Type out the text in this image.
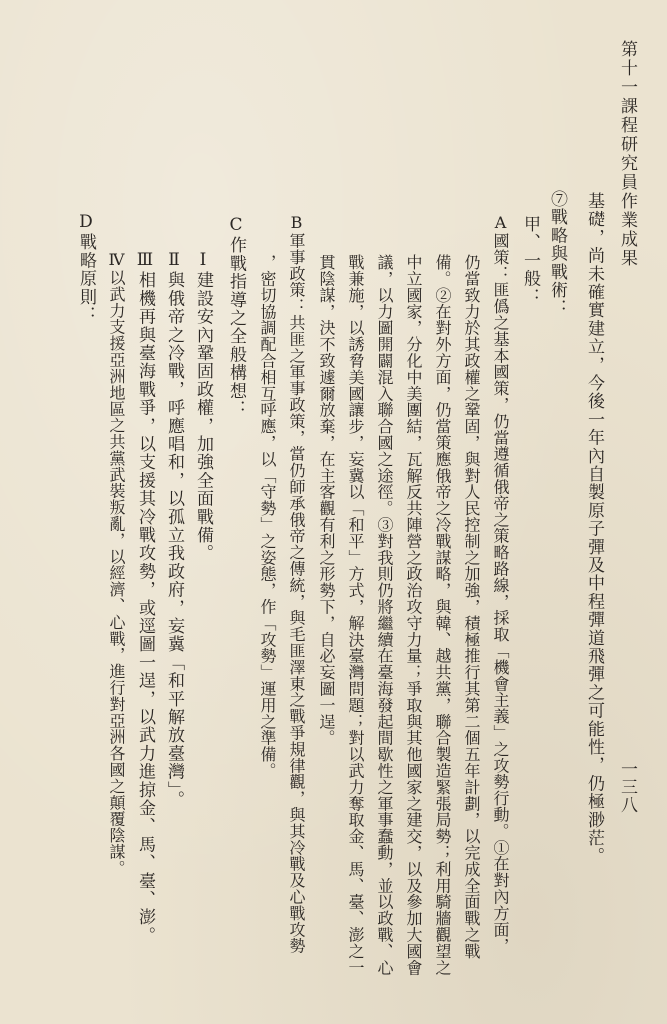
第十一課程研究員作業成果

一三八

基礎，尚未確實建立，今後一年內自製原子彈及中程彈道飛彈之可能性，仍極渺茫。

⑦戰略與戰術：

甲、一般：

A國策：匪僞之基本國策，仍當遵循俄帝之策略路線，採取「機會主義」之攻勢行動。①在對內方面，

仍當致力於其政權之鞏固，與對人民控制之加強，積極推行其第二個五年計劃，以完成全面戰之戰

備。②在對外方面，仍當策應俄帝之冷戰謀略，與韓、越共黨，聯合製造緊張局勢；利用騎牆觀望之

中立國家，分化中美團結，瓦解反共陣營之政治攻守力量；爭取與其他國家之建交，以及參加大國會

議，以力圖開闢混入聯合國之途徑。③對我則仍將繼續在臺海發起間歇性之軍事蠢動，並以政戰、心

戰兼施，以誘脅美國讓步，妄冀以「和平」方式，解決臺灣問題；對以武力奪取金、馬、臺、澎之一

貫陰謀，決不致遽爾放棄，在主客觀有利之形勢下，自必妄圖一逞。

B軍事政策：共匪之軍事政策，當仍師承俄帝之傳統，與毛匪澤東之戰爭規律觀，與其冷戰及心戰攻勢

，密切協調配合相互呼應，以「守勢」之姿態，作「攻勢」運用之準備。

C作戰指導之全般構想：

Ⅰ建設安內鞏固政權，加強全面戰備。

Ⅱ與俄帝之冷戰，呼應唱和，以孤立我政府，妄冀「和平解放臺灣」。

Ⅲ相機再與臺海戰爭，以支援其冷戰攻勢，或逕圖一逞，以武力進掠金、馬、臺、澎。

Ⅳ以武力支援亞洲地區之共黨武裝叛亂，以經濟、心戰，進行對亞洲各國之顛覆陰謀。

D戰略原則：
